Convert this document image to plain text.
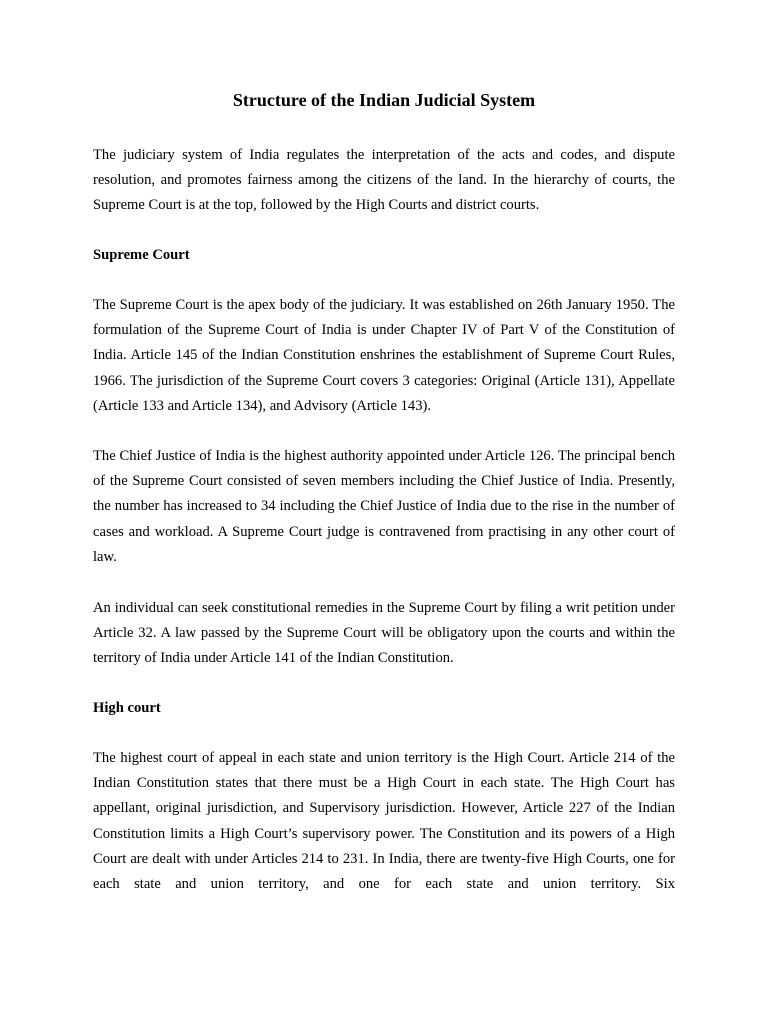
Structure of the Indian Judicial System

The judiciary system of India regulates the interpretation of the acts and codes, and dispute resolution, and promotes fairness among the citizens of the land. In the hierarchy of courts, the Supreme Court is at the top, followed by the High Courts and district courts.

Supreme Court

The Supreme Court is the apex body of the judiciary. It was established on 26th January 1950. The formulation of the Supreme Court of India is under Chapter IV of Part V of the Constitution of India. Article 145 of the Indian Constitution enshrines the establishment of Supreme Court Rules, 1966. The jurisdiction of the Supreme Court covers 3 categories: Original (Article 131), Appellate (Article 133 and Article 134), and Advisory (Article 143).

The Chief Justice of India is the highest authority appointed under Article 126. The principal bench of the Supreme Court consisted of seven members including the Chief Justice of India. Presently, the number has increased to 34 including the Chief Justice of India due to the rise in the number of cases and workload. A Supreme Court judge is contravened from practising in any other court of law.

An individual can seek constitutional remedies in the Supreme Court by filing a writ petition under Article 32. A law passed by the Supreme Court will be obligatory upon the courts and within the territory of India under Article 141 of the Indian Constitution.

High court

The highest court of appeal in each state and union territory is the High Court. Article 214 of the Indian Constitution states that there must be a High Court in each state. The High Court has appellant, original jurisdiction, and Supervisory jurisdiction. However, Article 227 of the Indian Constitution limits a High Court’s supervisory power. The Constitution and its powers of a High Court are dealt with under Articles 214 to 231. In India, there are twenty-five High Courts, one for each state and union territory, and one for each state and union territory. Six
